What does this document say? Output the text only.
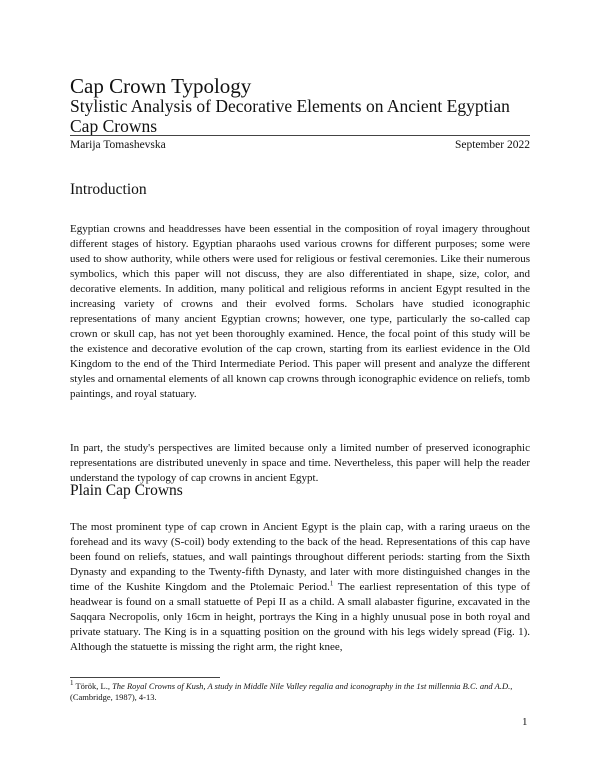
Cap Crown Typology
Stylistic Analysis of Decorative Elements on Ancient Egyptian Cap Crowns
Marija Tomashevska	September 2022
Introduction
Egyptian crowns and headdresses have been essential in the composition of royal imagery throughout different stages of history. Egyptian pharaohs used various crowns for different purposes; some were used to show authority, while others were used for religious or festival ceremonies. Like their numerous symbolics, which this paper will not discuss, they are also differentiated in shape, size, color, and decorative elements. In addition, many political and religious reforms in ancient Egypt resulted in the increasing variety of crowns and their evolved forms. Scholars have studied iconographic representations of many ancient Egyptian crowns; however, one type, particularly the so-called cap crown or skull cap, has not yet been thoroughly examined. Hence, the focal point of this study will be the existence and decorative evolution of the cap crown, starting from its earliest evidence in the Old Kingdom to the end of the Third Intermediate Period. This paper will present and analyze the different styles and ornamental elements of all known cap crowns through iconographic evidence on reliefs, tomb paintings, and royal statuary.
In part, the study's perspectives are limited because only a limited number of preserved iconographic representations are distributed unevenly in space and time. Nevertheless, this paper will help the reader understand the typology of cap crowns in ancient Egypt.
Plain Cap Crowns
The most prominent type of cap crown in Ancient Egypt is the plain cap, with a raring uraeus on the forehead and its wavy (S-coil) body extending to the back of the head. Representations of this cap have been found on reliefs, statues, and wall paintings throughout different periods: starting from the Sixth Dynasty and expanding to the Twenty-fifth Dynasty, and later with more distinguished changes in the time of the Kushite Kingdom and the Ptolemaic Period.$^1$ The earliest representation of this type of headwear is found on a small statuette of Pepi II as a child. A small alabaster figurine, excavated in the Saqqara Necropolis, only 16cm in height, portrays the King in a highly unusual pose in both royal and private statuary. The King is in a squatting position on the ground with his legs widely spread (Fig. 1). Although the statuette is missing the right arm, the right knee,
$^1$ Török, L., The Royal Crowns of Kush, A study in Middle Nile Valley regalia and iconography in the 1st millennia B.C. and A.D., (Cambridge, 1987), 4-13.
1
